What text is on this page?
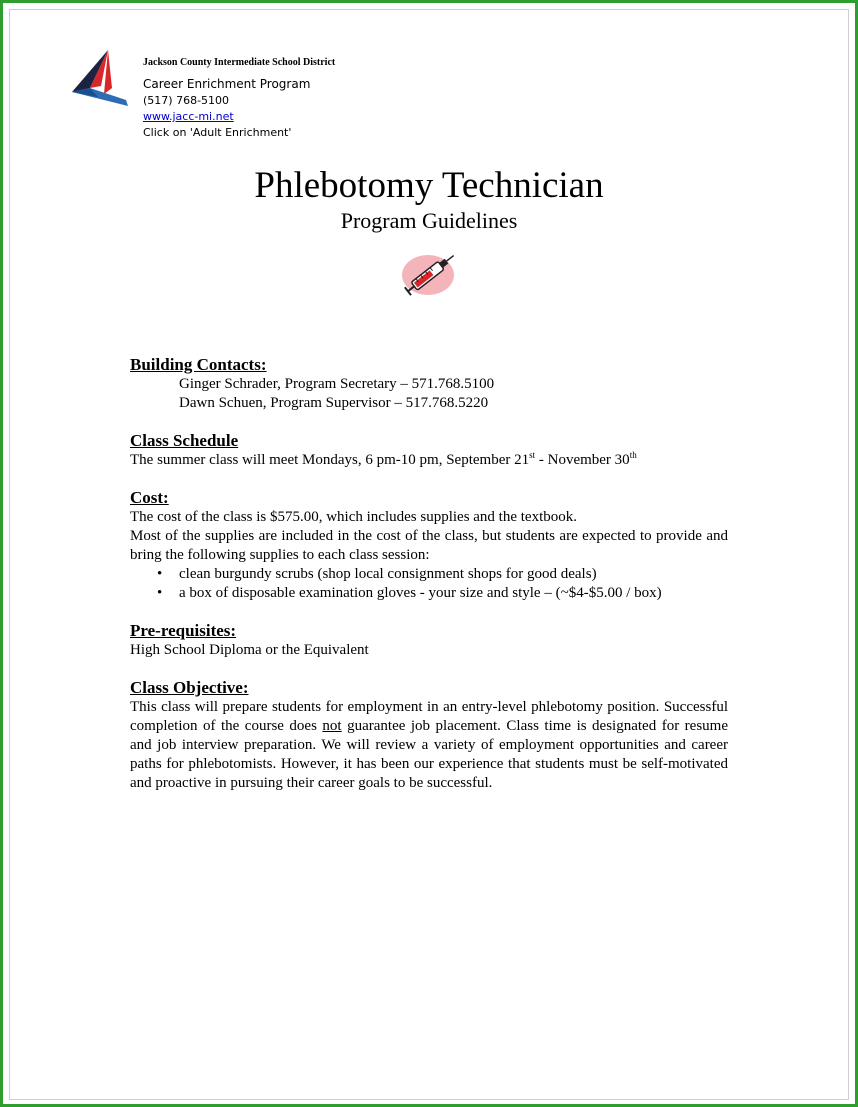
Jackson County Intermediate School District
Career Enrichment Program
(517) 768-5100
www.jacc-mi.net
Click on 'Adult Enrichment'
Phlebotomy Technician
Program Guidelines
Building Contacts:
Ginger Schrader, Program Secretary – 571.768.5100
Dawn Schuen, Program Supervisor – 517.768.5220
Class Schedule
The summer class will meet Mondays, 6 pm-10 pm, September 21st - November 30th
Cost:
The cost of the class is $575.00, which includes supplies and the textbook.
Most of the supplies are included in the cost of the class, but students are expected to provide and bring the following supplies to each class session:
• clean burgundy scrubs (shop local consignment shops for good deals)
• a box of disposable examination gloves - your size and style – (~$4-$5.00 / box)
Pre-requisites:
High School Diploma or the Equivalent
Class Objective:
This class will prepare students for employment in an entry-level phlebotomy position. Successful completion of the course does not guarantee job placement. Class time is designated for resume and job interview preparation. We will review a variety of employment opportunities and career paths for phlebotomists. However, it has been our experience that students must be self-motivated and proactive in pursuing their career goals to be successful.
